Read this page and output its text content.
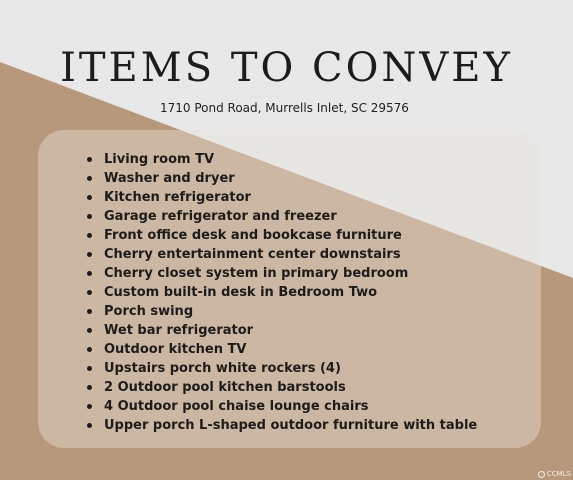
ITEMS TO CONVEY
1710 Pond Road, Murrells Inlet, SC 29576
Living room TV
Washer and dryer
Kitchen refrigerator
Garage refrigerator and freezer
Front office desk and bookcase furniture
Cherry entertainment center downstairs
Cherry closet system in primary bedroom
Custom built-in desk in Bedroom Two
Porch swing
Wet bar refrigerator
Outdoor kitchen TV
Upstairs porch white rockers (4)
2 Outdoor pool kitchen barstools
4 Outdoor pool chaise lounge chairs
Upper porch L-shaped outdoor furniture with table
CCMLS
